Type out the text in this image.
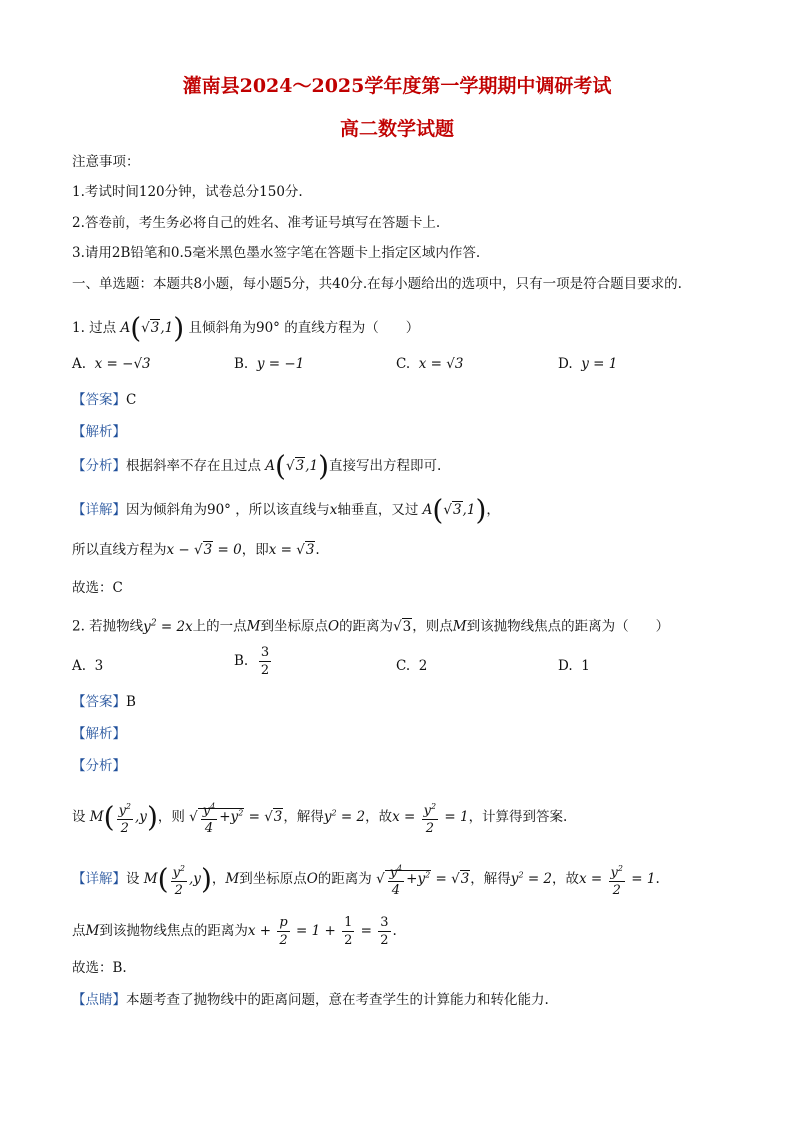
灌南县2024～2025学年度第一学期期中调研考试
高二数学试题
注意事项：
1.考试时间120分钟，试卷总分150分.
2.答卷前，考生务必将自己的姓名、准考证号填写在答题卡上.
3.请用2B铅笔和0.5毫米黑色墨水签字笔在答题卡上指定区域内作答.
一、单选题：本题共8小题，每小题5分，共40分.在每小题给出的选项中，只有一项是符合题目要求的.
1. 过点 A(√3,1) 且倾斜角为90° 的直线方程为（　　）
A. x = −√3	B. y = −1	C. x = √3	D. y = 1
【答案】C
【解析】
【分析】根据斜率不存在且过点 A(√3,1)直接写出方程即可.
【详解】因为倾斜角为90° ，所以该直线与x轴垂直，又过 A(√3,1)，
所以直线方程为x − √3 = 0，即x = √3.
故选：C
2. 若抛物线$y^2 = 2x$上的一点M到坐标原点O的距离为√3，则点M到该抛物线焦点的距离为（　　）
A. 3	B. $\frac{3}{2}$	C. 2	D. 1
【答案】B
【解析】
【分析】
设 $M( \frac{y^2}{2} ,y)$，则 √ $\frac{y^4}{4} +y^2 = √3$，解得$y^2 = 2$，故$x = \frac{y^2}{2} = 1$，计算得到答案.
【详解】设 $M( \frac{y^2}{2} ,y)$，M到坐标原点O的距离为 √ $\frac{y^4}{4} +y^2 = √3$，解得$y^2 = 2$，故$x = \frac{y^2}{2} = 1$.
点M到该抛物线焦点的距离为$x + \frac{p}{2} = 1 + \frac{1}{2} = \frac{3}{2}$ .
故选：B.
【点睛】本题考查了抛物线中的距离问题，意在考查学生的计算能力和转化能力.
